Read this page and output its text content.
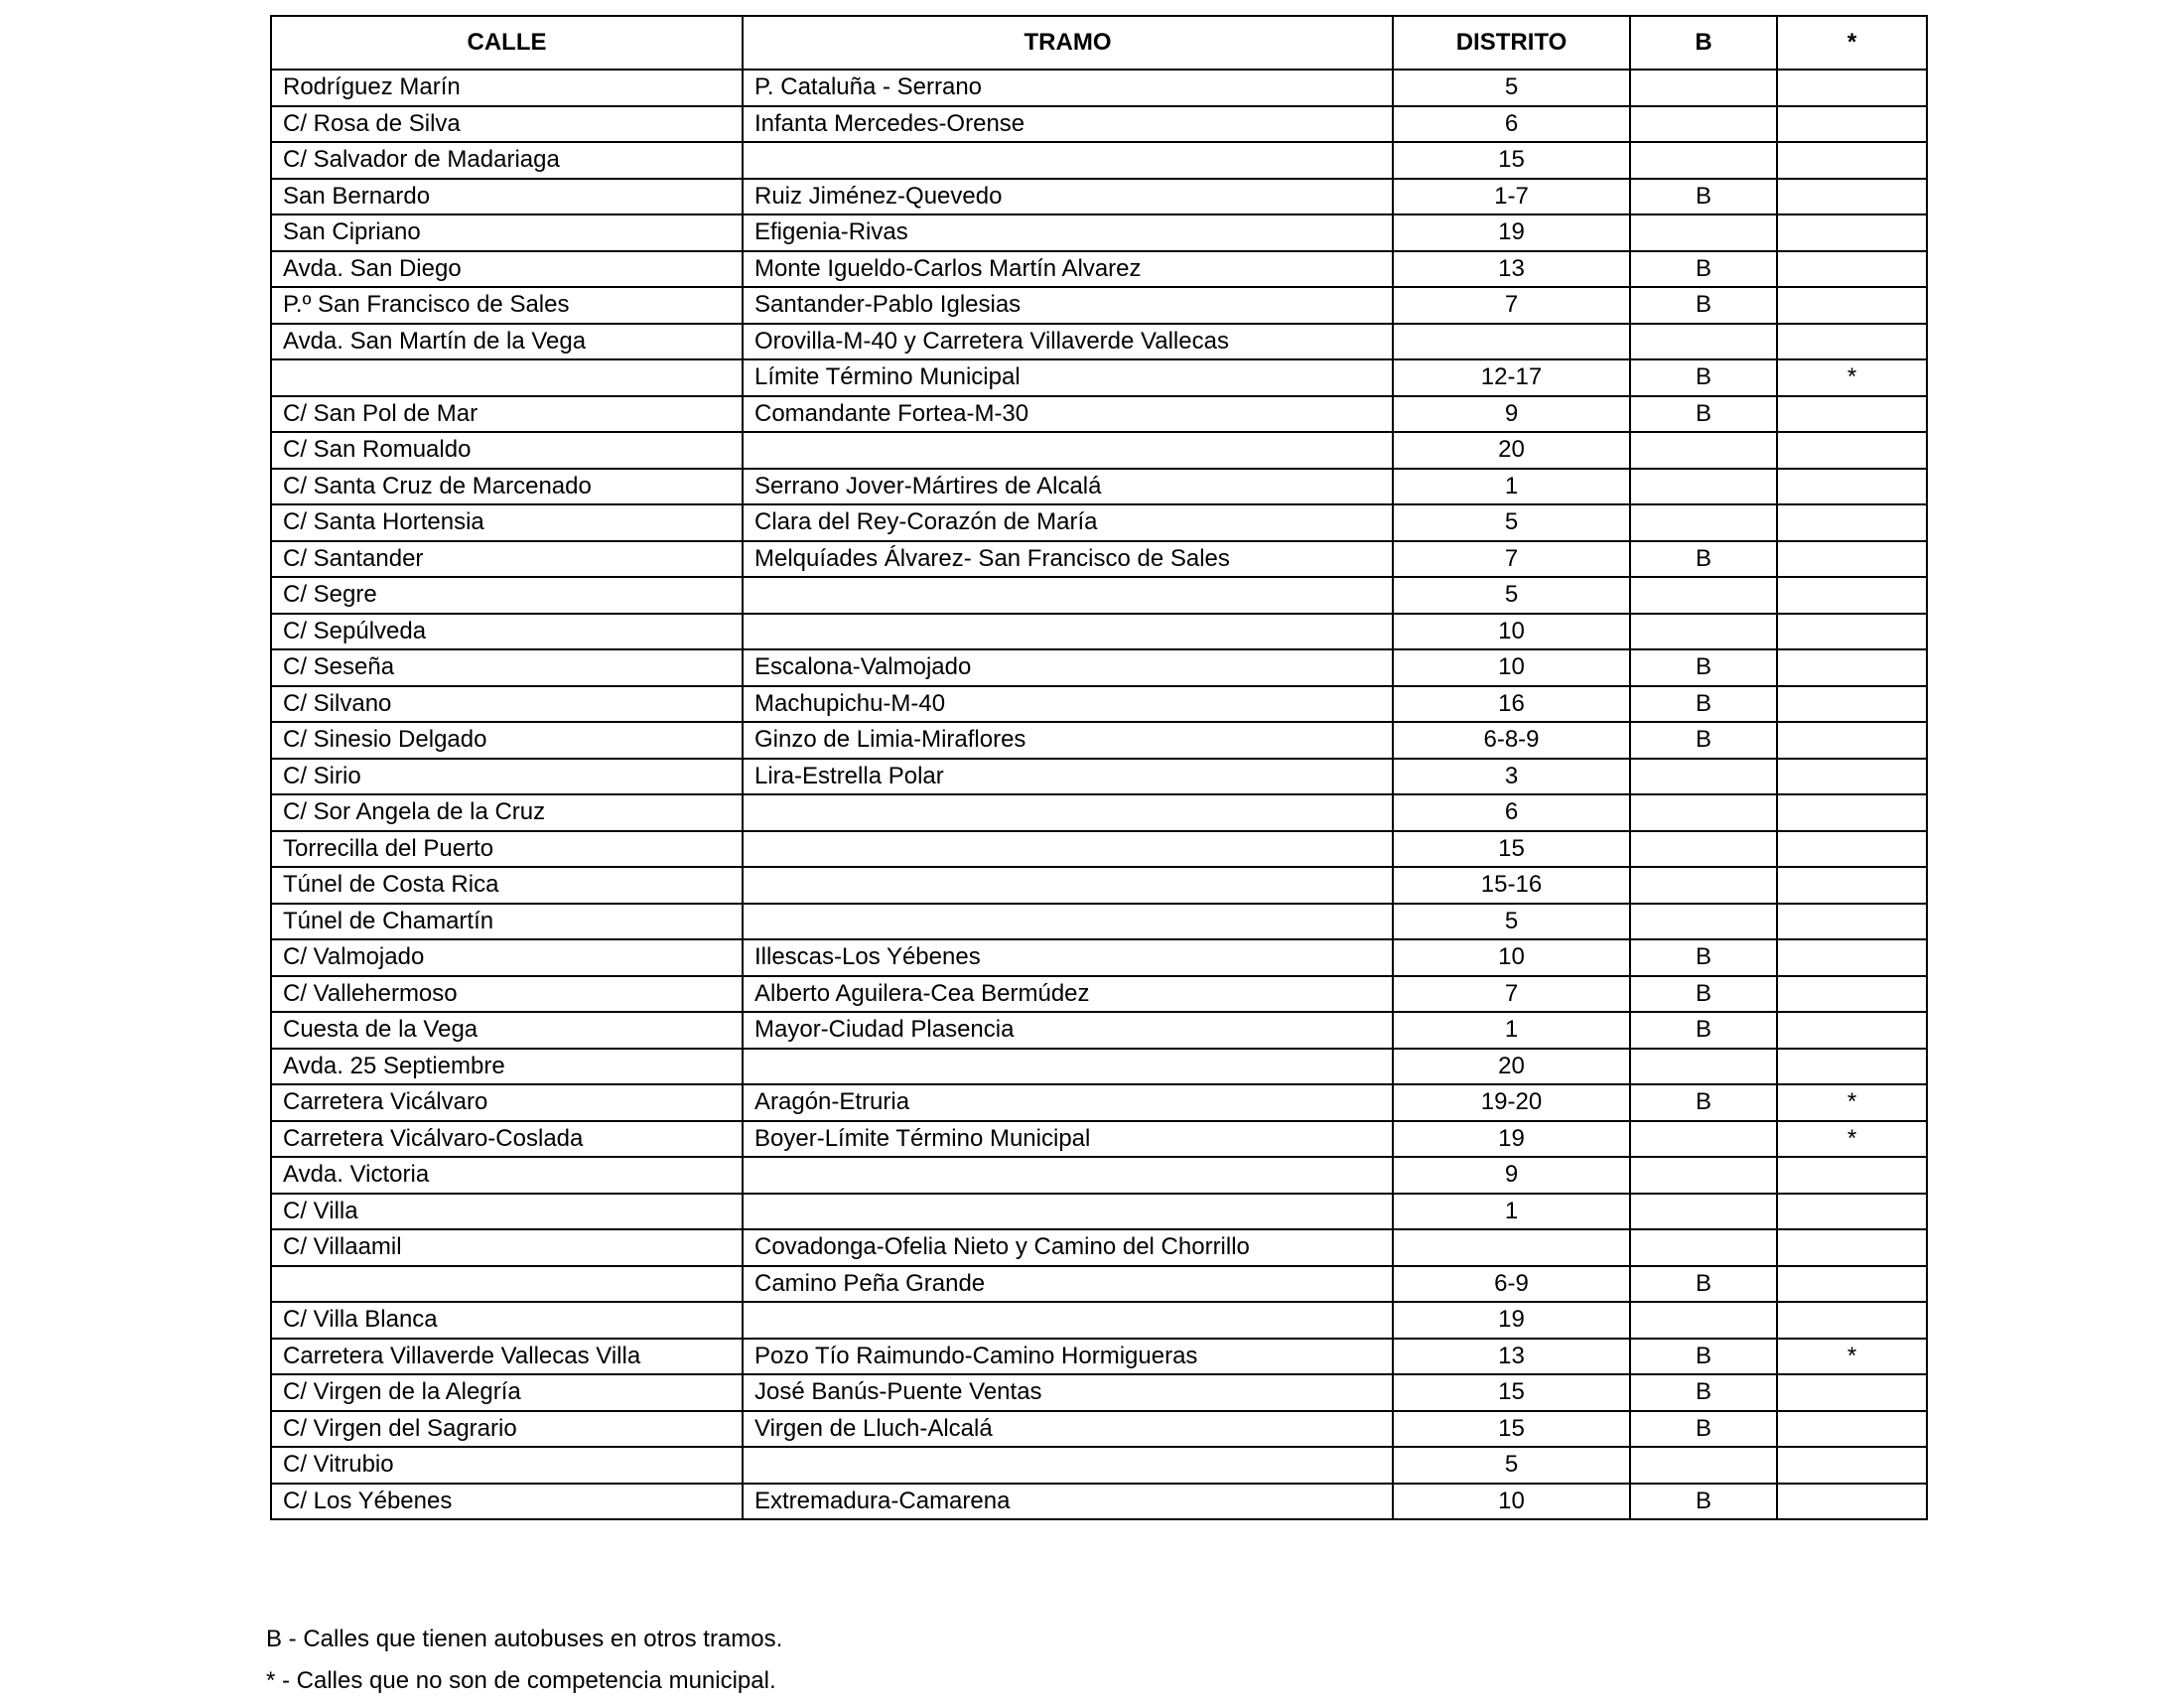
CALLE	TRAMO	DISTRITO	B	*
Rodríguez Marín	P. Cataluña - Serrano	5		
C/ Rosa de Silva	Infanta Mercedes-Orense	6		
C/ Salvador de Madariaga		15		
San Bernardo	Ruiz Jiménez-Quevedo	1-7	B	
San Cipriano	Efigenia-Rivas	19		
Avda. San Diego	Monte Igueldo-Carlos Martín Alvarez	13	B	
P.º San Francisco de Sales	Santander-Pablo Iglesias	7	B	
Avda. San Martín de la Vega	Orovilla-M-40 y Carretera Villaverde Vallecas			
	Límite Término Municipal	12-17	B	*
C/ San Pol de Mar	Comandante Fortea-M-30	9	B	
C/ San Romualdo		20		
C/ Santa Cruz de Marcenado	Serrano Jover-Mártires de Alcalá	1		
C/ Santa Hortensia	Clara del Rey-Corazón de María	5		
C/ Santander	Melquíades Álvarez- San Francisco de Sales	7	B	
C/ Segre		5		
C/ Sepúlveda		10		
C/ Seseña	Escalona-Valmojado	10	B	
C/ Silvano	Machupichu-M-40	16	B	
C/ Sinesio Delgado	Ginzo de Limia-Miraflores	6-8-9	B	
C/ Sirio	Lira-Estrella Polar	3		
C/ Sor Angela de la Cruz		6		
Torrecilla del Puerto		15		
Túnel de Costa Rica		15-16		
Túnel de Chamartín		5		
C/ Valmojado	Illescas-Los Yébenes	10	B	
C/ Vallehermoso	Alberto Aguilera-Cea Bermúdez	7	B	
Cuesta de la Vega	Mayor-Ciudad Plasencia	1	B	
Avda. 25 Septiembre		20		
Carretera Vicálvaro	Aragón-Etruria	19-20	B	*
Carretera Vicálvaro-Coslada	Boyer-Límite Término Municipal	19		*
Avda. Victoria		9		
C/ Villa		1		
C/ Villaamil	Covadonga-Ofelia Nieto y Camino del Chorrillo			
	Camino Peña Grande	6-9	B	
C/ Villa Blanca		19		
Carretera Villaverde Vallecas Villa	Pozo Tío Raimundo-Camino Hormigueras	13	B	*
C/ Virgen de la Alegría	José Banús-Puente Ventas	15	B	
C/ Virgen del Sagrario	Virgen de Lluch-Alcalá	15	B	
C/ Vitrubio		5		
C/ Los Yébenes	Extremadura-Camarena	10	B	
B - Calles que tienen autobuses en otros tramos.
* - Calles que no son de competencia municipal.
